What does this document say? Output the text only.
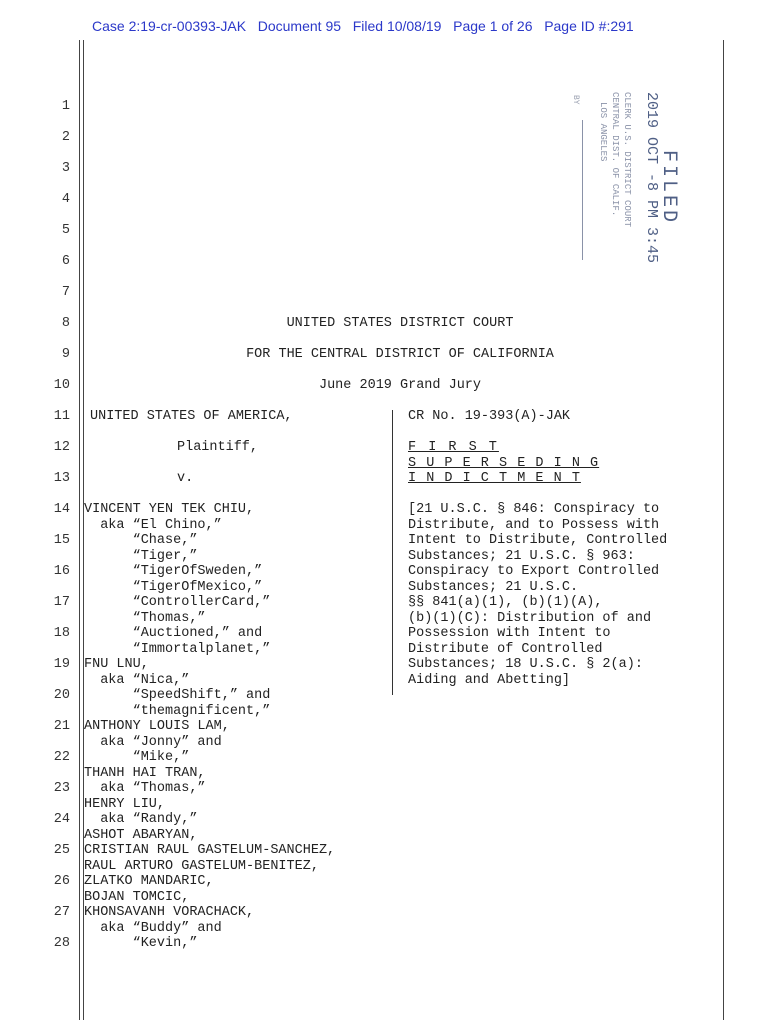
Case 2:19-cr-00393-JAK Document 95 Filed 10/08/19 Page 1 of 26 Page ID #:291
FILED
2019 OCT -8 PM 3:45
CLERK U.S. DISTRICT COURT
CENTRAL DIST. OF CALIF.
LOS ANGELES
BY
1
2
3
4
5
6
7
8
9
10
11
12
13
14
15
16
17
18
19
20
21
22
23
24
25
26
27
28
UNITED STATES DISTRICT COURT
FOR THE CENTRAL DISTRICT OF CALIFORNIA
June 2019 Grand Jury
UNITED STATES OF AMERICA,
Plaintiff,
v.
VINCENT YEN TEK CHIU,
aka “El Chino,”
“Chase,”
“Tiger,”
“TigerOfSweden,”
“TigerOfMexico,”
“ControllerCard,”
“Thomas,”
“Auctioned,” and
“Immortalplanet,”
FNU LNU,
aka “Nica,”
“SpeedShift,” and
“themagnificent,”
ANTHONY LOUIS LAM,
aka “Jonny” and
“Mike,”
THANH HAI TRAN,
aka “Thomas,”
HENRY LIU,
aka “Randy,”
ASHOT ABARYAN,
CRISTIAN RAUL GASTELUM-SANCHEZ,
RAUL ARTURO GASTELUM-BENITEZ,
ZLATKO MANDARIC,
BOJAN TOMCIC,
KHONSAVANH VORACHACK,
aka “Buddy” and
“Kevin,”
CR No. 19-393(A)-JAK
F I R S T
S U P E R S E D I N G
I N D I C T M E N T
[21 U.S.C. § 846: Conspiracy to
Distribute, and to Possess with
Intent to Distribute, Controlled
Substances; 21 U.S.C. § 963:
Conspiracy to Export Controlled
Substances; 21 U.S.C.
§§ 841(a)(1), (b)(1)(A),
(b)(1)(C): Distribution of and
Possession with Intent to
Distribute of Controlled
Substances; 18 U.S.C. § 2(a):
Aiding and Abetting]
